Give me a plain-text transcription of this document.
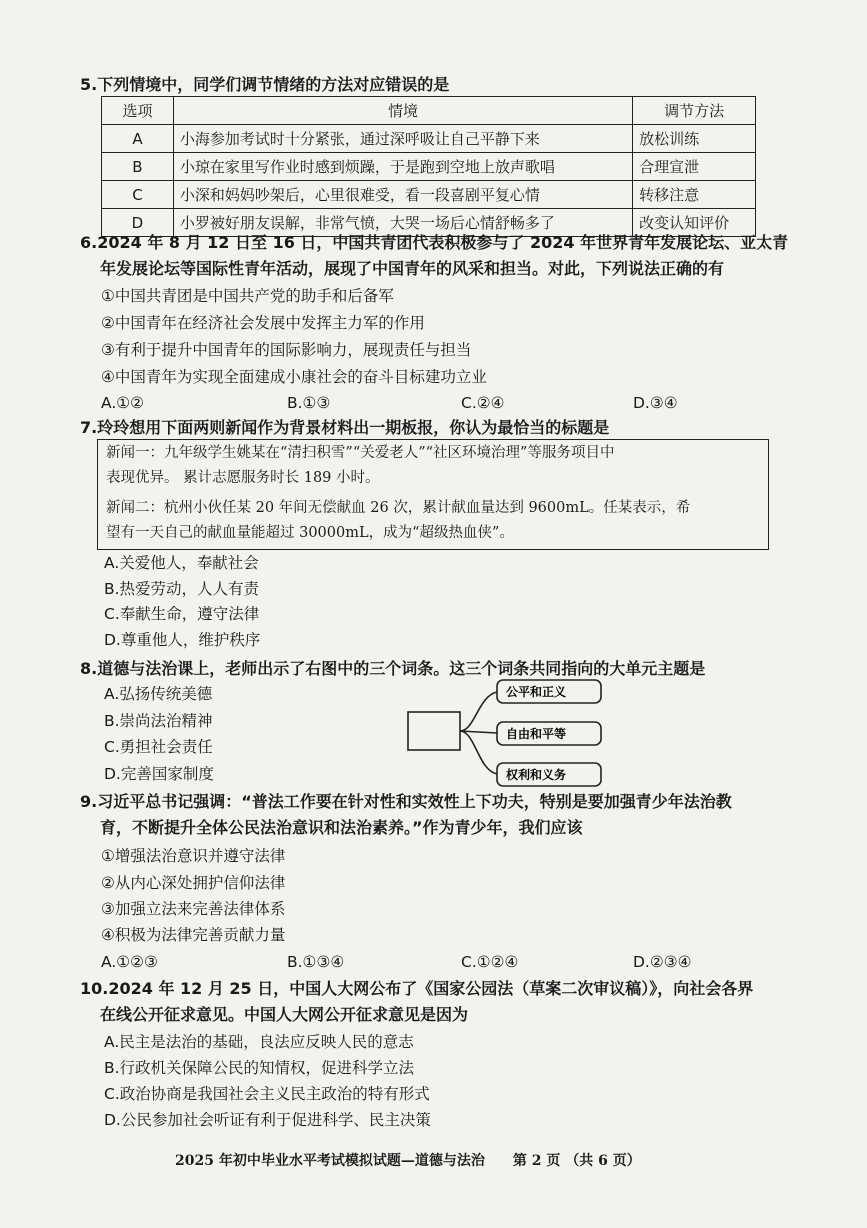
5.下列情境中，同学们调节情绪的方法对应错误的是
选项	情境	调节方法
A	小海参加考试时十分紧张，通过深呼吸让自己平静下来	放松训练
B	小琼在家里写作业时感到烦躁，于是跑到空地上放声歌唱	合理宣泄
C	小深和妈妈吵架后，心里很难受，看一段喜剧平复心情	转移注意
D	小罗被好朋友误解，非常气愤，大哭一场后心情舒畅多了	改变认知评价
6.2024 年 8 月 12 日至 16 日，中国共青团代表积极参与了 2024 年世界青年发展论坛、亚太青
年发展论坛等国际性青年活动，展现了中国青年的风采和担当。对此，下列说法正确的有
①中国共青团是中国共产党的助手和后备军
②中国青年在经济社会发展中发挥主力军的作用
③有利于提升中国青年的国际影响力，展现责任与担当
④中国青年为实现全面建成小康社会的奋斗目标建功立业
A.①②	B.①③	C.②④	D.③④
7.玲玲想用下面两则新闻作为背景材料出一期板报，你认为最恰当的标题是
新闻一：九年级学生姚某在“清扫积雪”“关爱老人”“社区环境治理”等服务项目中
表现优异。 累计志愿服务时长 189 小时。
新闻二：杭州小伙任某 20 年间无偿献血 26 次，累计献血量达到 9600mL。任某表示，希
望有一天自己的献血量能超过 30000mL，成为“超级热血侠”。
A.关爱他人，奉献社会
B.热爱劳动，人人有责
C.奉献生命，遵守法律
D.尊重他人，维护秩序
8.道德与法治课上，老师出示了右图中的三个词条。这三个词条共同指向的大单元主题是
A.弘扬传统美德
B.崇尚法治精神
C.勇担社会责任
D.完善国家制度
公平和正义
自由和平等
权利和义务
9.习近平总书记强调：“普法工作要在针对性和实效性上下功夫，特别是要加强青少年法治教
育，不断提升全体公民法治意识和法治素养。”作为青少年，我们应该
①增强法治意识并遵守法律
②从内心深处拥护信仰法律
③加强立法来完善法律体系
④积极为法律完善贡献力量
A.①②③	B.①③④	C.①②④	D.②③④
10.2024 年 12 月 25 日，中国人大网公布了《国家公园法（草案二次审议稿）》，向社会各界
在线公开征求意见。中国人大网公开征求意见是因为
A.民主是法治的基础，良法应反映人民的意志
B.行政机关保障公民的知情权，促进科学立法
C.政治协商是我国社会主义民主政治的特有形式
D.公民参加社会听证有利于促进科学、民主决策
2025 年初中毕业水平考试模拟试题—道德与法治　　第 2 页 （共 6 页）
